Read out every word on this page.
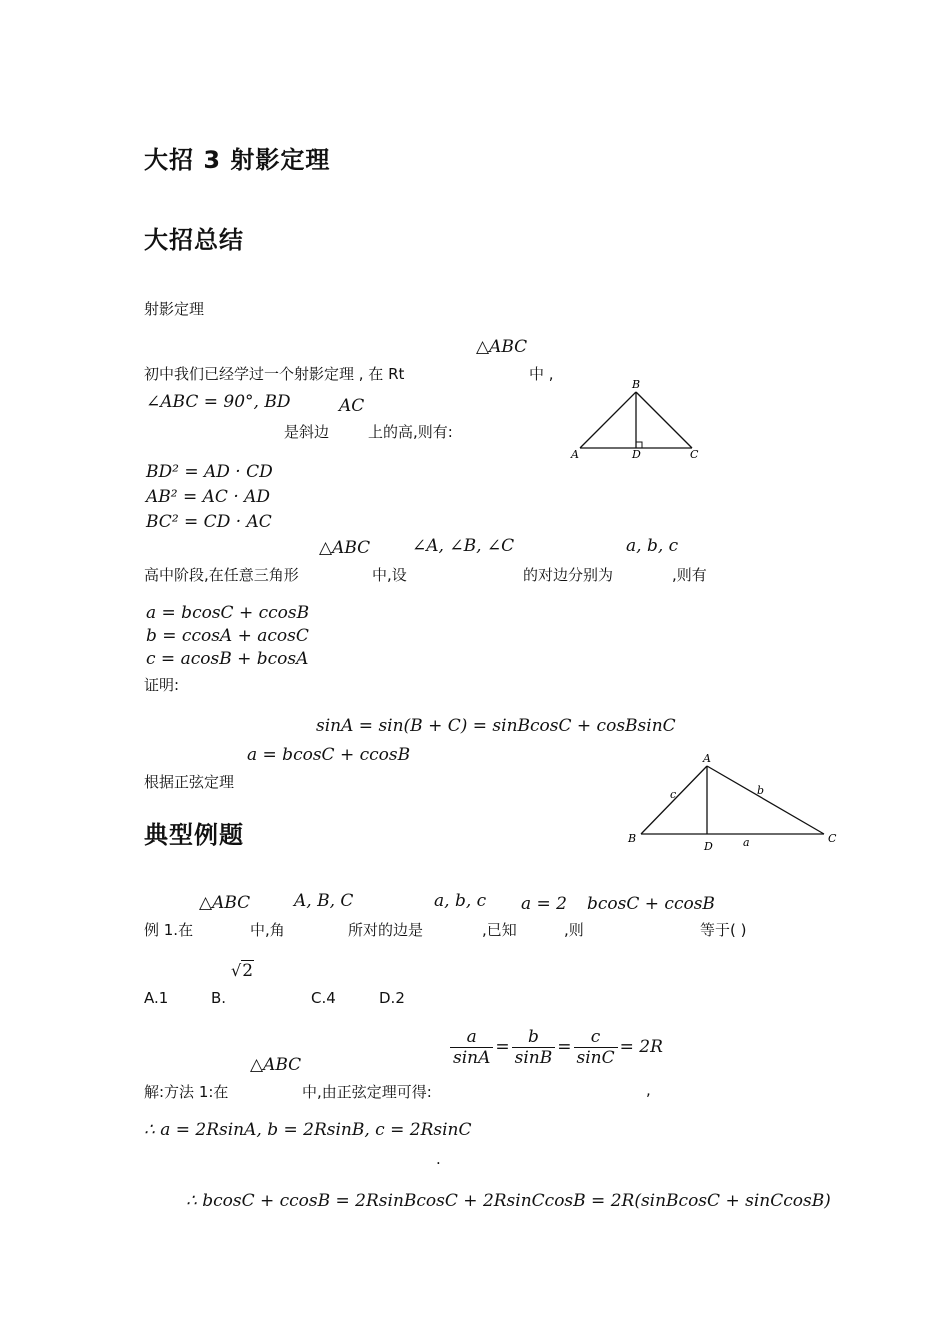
大招 3 射影定理
大招总结
射影定理
△ABC
初中我们已经学过一个射影定理 , 在 Rt	中 ,
∠ABC = 90°, BD	AC
是斜边	上的高,则有:
BD² = AD · CD
AB² = AC · AD
BC² = CD · AC
B
A	D	C
△ABC ∠A, ∠B, ∠C	a, b, c
高中阶段,在任意三角形	中,设	的对边分别为	,则有
a = bcosC + ccosB
b = ccosA + acosC
c = acosB + bcosA
证明:
sinA = sin(B + C) = sinBcosC + cosBsinC
a = bcosC + ccosB
根据正弦定理
A
B
D
C
c	b
a
典型例题
△ABC	A, B, C	a, b, c a = 2 bcosC + ccosB
例 1.在	中,角	所对的边是	,已知	,则	等于( )
√2
A.1	B.	C.4	D.2
△ABC	$\frac{a}{\sin A} = \frac{b}{\sin B} = \frac{c}{\sin C} = 2R$
解:方法 1:在	中,由正弦定理可得:	,
∴ a = 2RsinA, b = 2RsinB, c = 2RsinC
.
∴ bcosC + ccosB = 2RsinBcosC + 2RsinCcosB = 2R(sinBcosC + sinCcosB)
